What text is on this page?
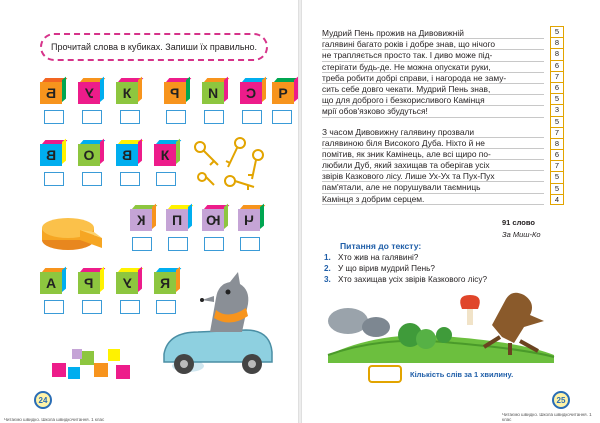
Прочитай слова в кубиках. Запиши їх правильно.
Б У К	Р И С Р
В О В К
К П Ю Ч
А Р У R
24
Читаємо швидко. Школа швидкочитання. 1 клас
Мудрий Пень прожив на Дивовижній
галявині багато років і добре знав, що нічого
не трапляється просто так. І диво може під-
стерігати будь-де. Не можна опускати руки,
треба робити добрі справи, і нагорода не заму-
сить себе довго чекати. Мудрий Пень знав,
що для доброго і безкорисливого Камінця
мрії обов'язково збудуться!
З часом Дивовижну галявину прозвали
галявиною біля Високого Дуба. Ніхто й не
помітив, як зник Камінець, але всі щиро по-
любили Дуб, який захищав та оберігав усіх
звірів Казкового лісу. Лише Ух-Ух та Пух-Пух
пам'ятали, але не порушували таємниць
Камінця з добрим серцем.
5
8
8
6
7
6
5
3
5
7
8
6
7
5
5
4
91 слово
За Миш-Ко
Питання до тексту:
1. Хто жив на галявині?
2. У що вірив мудрий Пень?
3. Хто захищав усіх звірів Казкового лісу?
Кількість слів за 1 хвилину.
25
Читаємо швидко. Школа швидкочитання. 1 клас
